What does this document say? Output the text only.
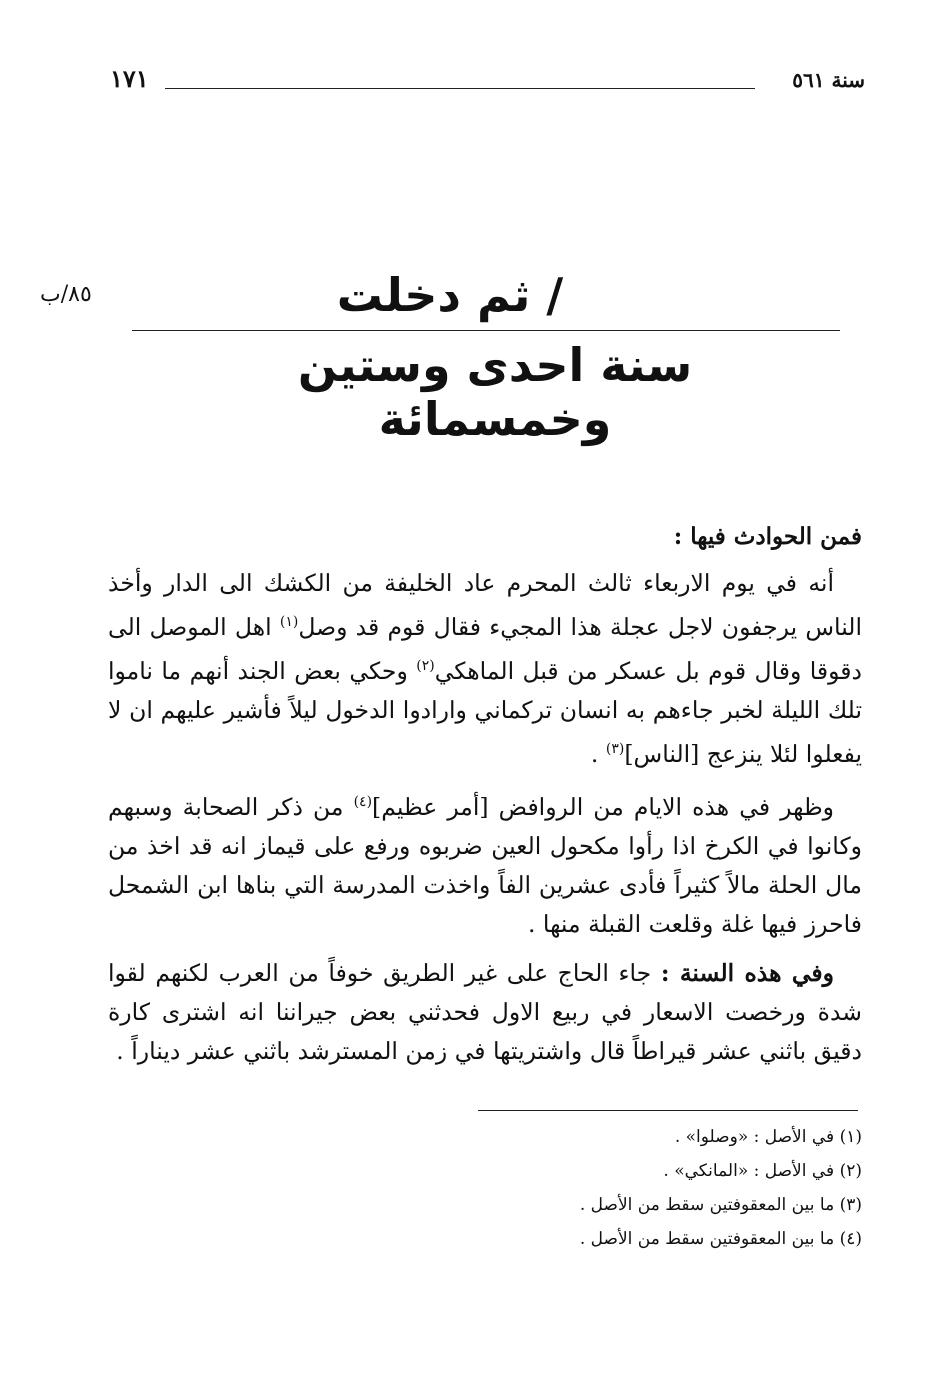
سنة ٥٦١
١٧١
٨٥/ب	/ ثم دخلت
سنة احدى وستين وخمسمائة

فمن الحوادث فيها :

أنه في يوم الاربعاء ثالث المحرم عاد الخليفة من الكشك الى الدار وأخذ الناس يرجفون لاجل عجلة هذا المجيء فقال قوم قد وصل$^{(١)}$ اهل الموصل الى دقوقا وقال قوم بل عسكر من قبل الماهكي$^{(٢)}$ وحكي بعض الجند أنهم ما ناموا تلك الليلة لخبر جاءهم به انسان تركماني وارادوا الدخول ليلاً فأشير عليهم ان لا يفعلوا لئلا ينزعج [الناس]$^{(٣)}$ .

وظهر في هذه الايام من الروافض [أمر عظيم]$^{(٤)}$ من ذكر الصحابة وسبهم وكانوا في الكرخ اذا رأوا مكحول العين ضربوه ورفع على قيماز انه قد اخذ من مال الحلة مالاً كثيراً فأدى عشرين الفاً واخذت المدرسة التي بناها ابن الشمحل فاحرز فيها غلة وقلعت القبلة منها .

وفي هذه السنة : جاء الحاج على غير الطريق خوفاً من العرب لكنهم لقوا شدة ورخصت الاسعار في ربيع الاول فحدثني بعض جيراننا انه اشترى كارة دقيق باثني عشر قيراطاً قال واشتريتها في زمن المسترشد باثني عشر ديناراً .

(١) في الأصل : «وصلوا» .
(٢) في الأصل : «المانكي» .
(٣) ما بين المعقوفتين سقط من الأصل .
(٤) ما بين المعقوفتين سقط من الأصل .
